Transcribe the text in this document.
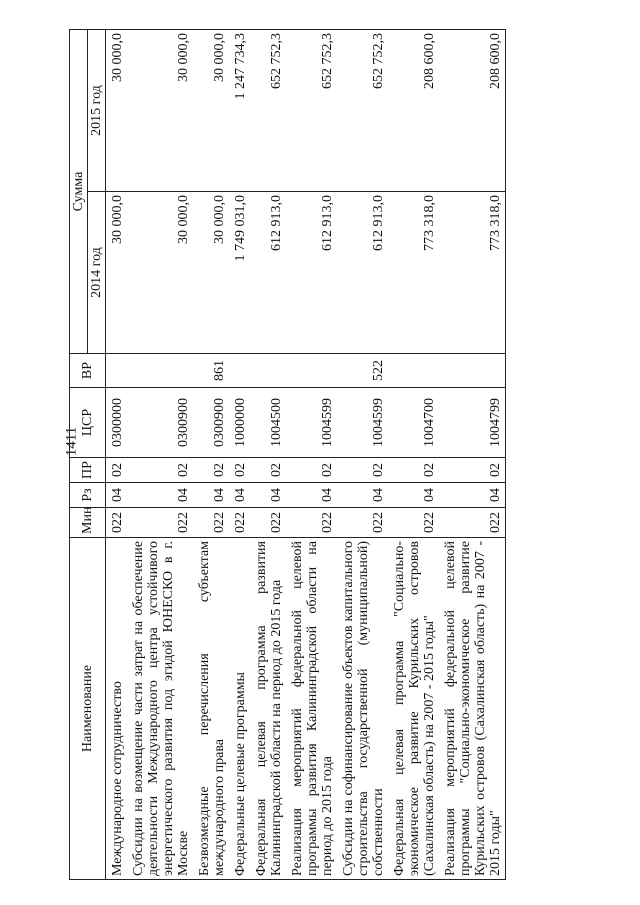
1411
Наименование	Мин	Рз	ПР	ЦСР	ВР	Сумма	
						2014 год	2015 год
Международное сотрудничество	022	04	02	0300000		30 000,0	30 000,0
Субсидии на возмещение части затрат на обеспечение деятельности Международного центра устойчивого энергетического развития под эгидой ЮНЕСКО в г. Москве	022	04	02	0300900		30 000,0	30 000,0
Безвозмездные перечисления субъектам международного права	022	04	02	0300900	861	30 000,0	30 000,0
Федеральные целевые программы	022	04	02	1000000		1 749 031,0	1 247 734,3
Федеральная целевая программа развития Калининградской области на период до 2015 года	022	04	02	1004500		612 913,0	652 752,3
Реализация мероприятий федеральной целевой программы развития Калининградской области на период до 2015 года	022	04	02	1004599		612 913,0	652 752,3
Субсидии на софинансирование объектов капитального строительства государственной (муниципальной) собственности	022	04	02	1004599	522	612 913,0	652 752,3
Федеральная целевая программа "Социально-экономическое развитие Курильских островов (Сахалинская область) на 2007 - 2015 годы"	022	04	02	1004700		773 318,0	208 600,0
Реализация мероприятий федеральной целевой программы "Социально-экономическое развитие Курильских островов (Сахалинская область) на 2007 - 2015 годы"	022	04	02	1004799		773 318,0	208 600,0
